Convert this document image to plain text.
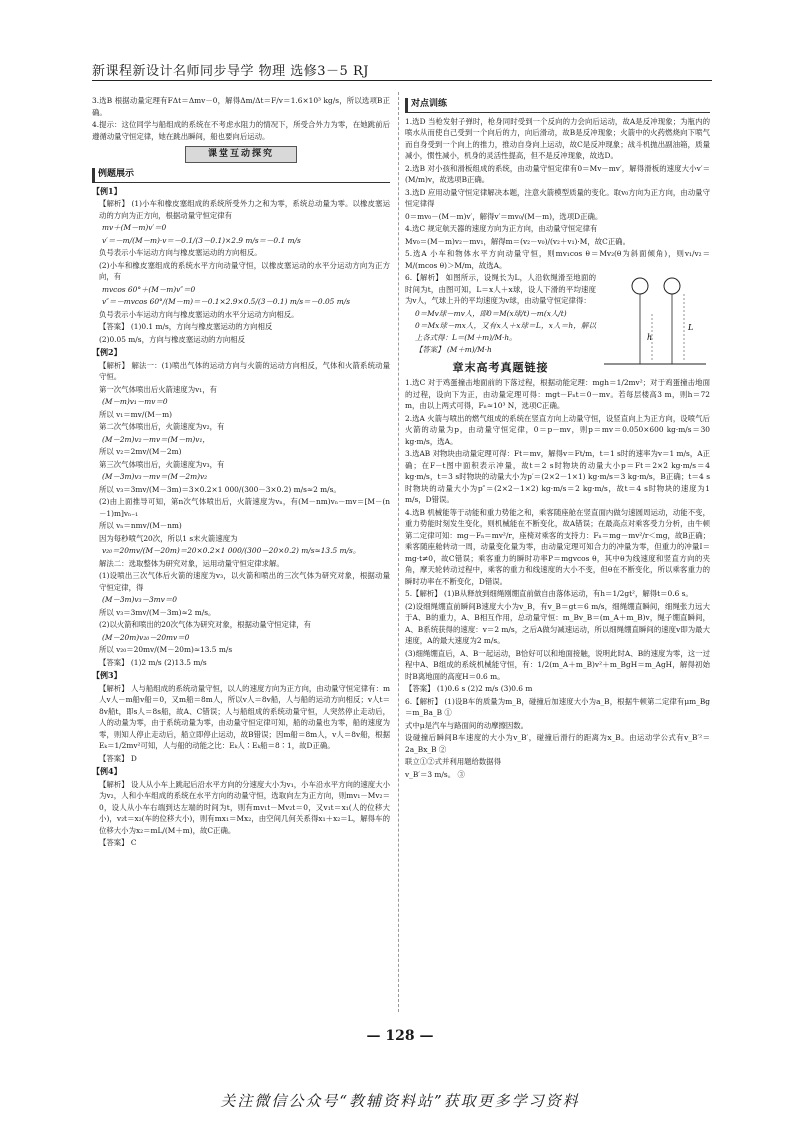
新课程新设计名师同步导学 物理 选修3－5 RJ

3.选B 根据动量定理有FΔt＝Δmv－0，解得Δm/Δt＝F/v＝1.6×10³ kg/s，所以选项B正确。

4.提示：这位同学与船组成的系统在不考虑水阻力的情况下，所受合外力为零，在她跳前后遵循动量守恒定律，她在跳出瞬间，船也要向后运动。

课堂互动探究
例题展示
【例1】

【解析】 (1)小车和橡皮塞组成的系统所受外力之和为零，系统总动量为零。以橡皮塞运动的方向为正方向，根据动量守恒定律有

mv＋(M－m)v′＝0

v′＝－m/(M－m)·v＝－0.1/(3－0.1)×2.9 m/s＝－0.1 m/s

负号表示小车运动方向与橡皮塞运动的方向相反。

(2)小车和橡皮塞组成的系统水平方向动量守恒，以橡皮塞运动的水平分运动方向为正方向，有

mvcos 60°＋(M－m)v″＝0

v″＝－mvcos 60°/(M－m)＝－0.1×2.9×0.5/(3－0.1) m/s＝－0.05 m/s

负号表示小车运动方向与橡皮塞运动的水平分运动方向相反。

【答案】 (1)0.1 m/s，方向与橡皮塞运动的方向相反

(2)0.05 m/s，方向与橡皮塞运动的方向相反

【例2】

【解析】 解法一：(1)喷出气体的运动方向与火箭的运动方向相反，气体和火箭系统动量守恒。

第一次气体喷出后火箭速度为v₁，有

(M－m)v₁－mv＝0

所以 v₁＝mv/(M－m)

第二次气体喷出后，火箭速度为v₂，有

(M－2m)v₂－mv＝(M－m)v₁，

所以 v₂＝2mv/(M－2m)

第三次气体喷出后，火箭速度为v₃，有

(M－3m)v₃－mv＝(M－2m)v₂

所以 v₃＝3mv/(M－3m)＝3×0.2×1 000/(300－3×0.2) m/s≈2 m/s。

(2)由上面推导可知，第n次气体喷出后，火箭速度为vₙ，有(M－nm)vₙ－mv＝[M－(n－1)m]vₙ₋₁

所以 vₙ＝nmv/(M－nm)

因为每秒喷气20次，所以1 s末火箭速度为

v₂₀＝20mv/(M－20m)＝20×0.2×1 000/(300－20×0.2) m/s≈13.5 m/s。

解法二：选取整体为研究对象，运用动量守恒定律求解。

(1)设喷出三次气体后火箭的速度为v₃，以火箭和喷出的三次气体为研究对象，根据动量守恒定律，得

(M－3m)v₃－3mv＝0

所以 v₃＝3mv/(M－3m)≈2 m/s。

(2)以火箭和喷出的20次气体为研究对象，根据动量守恒定律，有

(M－20m)v₂₀－20mv＝0

所以 v₂₀＝20mv/(M－20m)≈13.5 m/s

【答案】 (1)2 m/s (2)13.5 m/s

【例3】

【解析】 人与船组成的系统动量守恒，以人的速度方向为正方向，由动量守恒定律有：m人v人－m船v船＝0，又m船＝8m人，所以v人＝8v船，人与船的运动方向相反；v人t＝8v船t，即s人＝8s船，故A、C错误；人与船组成的系统动量守恒，人突然停止走动后，人的动量为零，由于系统动量为零，由动量守恒定律可知，船的动量也为零，船的速度为零，则知人停止走动后，船立即停止运动，故B错误；因m船＝8m人，v人＝8v船，根据Eₖ＝1/2mv²可知，人与船的动能之比：Eₖ人∶Eₖ船＝8∶1，故D正确。

【答案】 D

【例4】

【解析】 设人从小车上跳起后沿水平方向的分速度大小为v₁，小车沿水平方向的速度大小为v₂，人和小车组成的系统在水平方向的动量守恒，选取向左为正方向，则mv₁－Mv₂＝0，设人从小车右端到达左端的时间为t，则有mv₁t－Mv₂t＝0，又v₁t＝x₁(人的位移大小)，v₂t＝x₂(车的位移大小)，则有mx₁＝Mx₂，由空间几何关系得x₁＋x₂＝L，解得车的位移大小为x₂＝mL/(M＋m)，故C正确。

【答案】 C

对点训练

1.选D 当枪发射子弹时，枪身同时受到一个反向的力会向后运动，故A是反冲现象；为瓶内的喷水从而使自己受到一个向后的力，向后滑动，故B是反冲现象；火箭中的火药燃烧向下喷气而自身受到一个向上的推力，推动自身向上运动，故C是反冲现象；战斗机抛出副油箱，质量减小，惯性减小，机身的灵活性提高，但不是反冲现象，故选D。

2.选B 对小孩和滑板组成的系统，由动量守恒定律有0＝Mv－mv′，解得滑板的速度大小v′＝(M/m)v，故选项B正确。

3.选D 应用动量守恒定律解决本题，注意火箭模型质量的变化。取v₀方向为正方向，由动量守恒定律得

0＝mv₀－(M－m)v′，解得v′＝mv₀/(M－m)，选项D正确。

4.选C 规定航天器的速度方向为正方向，由动量守恒定律有

Mv₀＝(M－m)v₂－mv₁，解得m＝(v₂－v₀)/(v₂＋v₁)·M，故C正确。

5.选A 小车和物体水平方向动量守恒，则mv₁cos θ＝Mv₂(θ为斜面倾角)，则v₁/v₂＝M/(mcos θ)＞M/m，故选A。

h
L

6.【解析】 如图所示，设绳长为L，人沿软绳滑至地面的时间为t，由图可知，L＝x人＋x球，设人下滑的平均速度为v人，气球上升的平均速度为v球，由动量守恒定律得：

0＝Mv球－mv人，即0＝M(x球/t)－m(x人/t)

0＝Mx球－mx人，又有x人＋x球＝L，x人＝h，解以上各式得：L＝(M＋m)/M·h。

【答案】 (M＋m)/M·h

章末高考真题链接

1.选C 对于鸡蛋撞击地面前的下落过程，根据动能定理：mgh＝1/2mv²；对于鸡蛋撞击地面的过程，设向下为正，由动量定理可得：mgt－Fₙt＝0－mv。若每层楼高3 m，则h＝72 m，由以上两式可得，Fₙ≈10³ N，选项C正确。

2.选A 火箭与喷出的燃气组成的系统在竖直方向上动量守恒，设竖直向上为正方向，设喷气后火箭的动量为p，由动量守恒定律，0＝p－mv，则p＝mv＝0.050×600 kg·m/s＝30 kg·m/s，选A。

3.选AB 对物块由动量定理可得：Ft＝mv，解得v＝Ft/m，t＝1 s时的速率为v＝1 m/s，A正确；在F－t图中面积表示冲量，故t＝2 s时物块的动量大小p＝Ft＝2×2 kg·m/s＝4 kg·m/s，t＝3 s时物块的动量大小为p′＝(2×2－1×1) kg·m/s＝3 kg·m/s，B正确；t＝4 s时物块的动量大小为p″＝(2×2－1×2) kg·m/s＝2 kg·m/s，故t＝4 s时物块的速度为1 m/s，D错误。

4.选B 机械能等于动能和重力势能之和，乘客随座舱在竖直面内做匀速圆周运动，动能不变，重力势能时刻发生变化，则机械能在不断变化，故A错误；在最高点对乘客受力分析，由牛顿第二定律可知：mg－Fₙ＝mv²/r，座椅对乘客的支持力：Fₙ＝mg－mv²/r＜mg，故B正确；乘客随座舱转动一周，动量变化量为零，由动量定理可知合力的冲量为零，但重力的冲量I＝mg·t≠0，故C错误；乘客重力的瞬时功率P＝mgvcos θ，其中θ为线速度和竖直方向的夹角，摩天轮转动过程中，乘客的重力和线速度的大小不变，但θ在不断变化，所以乘客重力的瞬时功率在不断变化，D错误。

5.【解析】 (1)B从释放到细绳刚绷直前做自由落体运动，有h＝1/2gt²，解得t＝0.6 s。

(2)设细绳绷直前瞬间B速度大小为v_B，有v_B＝gt＝6 m/s，细绳绷直瞬间，细绳张力远大于A、B的重力，A、B相互作用，总动量守恒：m_Bv_B＝(m_A＋m_B)v，绳子绷直瞬间，A、B系统获得的速度：v＝2 m/s，之后A做匀减速运动，所以细绳绷直瞬间的速度v即为最大速度，A的最大速度为2 m/s。

(3)细绳绷直后，A、B一起运动，B恰好可以和地面接触，说明此时A、B的速度为零，这一过程中A、B组成的系统机械能守恒，有：1/2(m_A＋m_B)v²＋m_BgH＝m_AgH，解得初始时B离地面的高度H＝0.6 m。

【答案】 (1)0.6 s (2)2 m/s (3)0.6 m

6.【解析】 (1)设B车的质量为m_B，碰撞后加速度大小为a_B，根据牛顿第二定律有μm_Bg＝m_Ba_B ①

式中μ是汽车与路面间的动摩擦因数。

设碰撞后瞬间B车速度的大小为v_B′，碰撞后滑行的距离为x_B。由运动学公式有v_B′²＝2a_Bx_B ②

联立①②式并利用题给数据得

v_B′＝3 m/s。 ③

— 128 —
关注微信公众号“教辅资料站”获取更多学习资料
